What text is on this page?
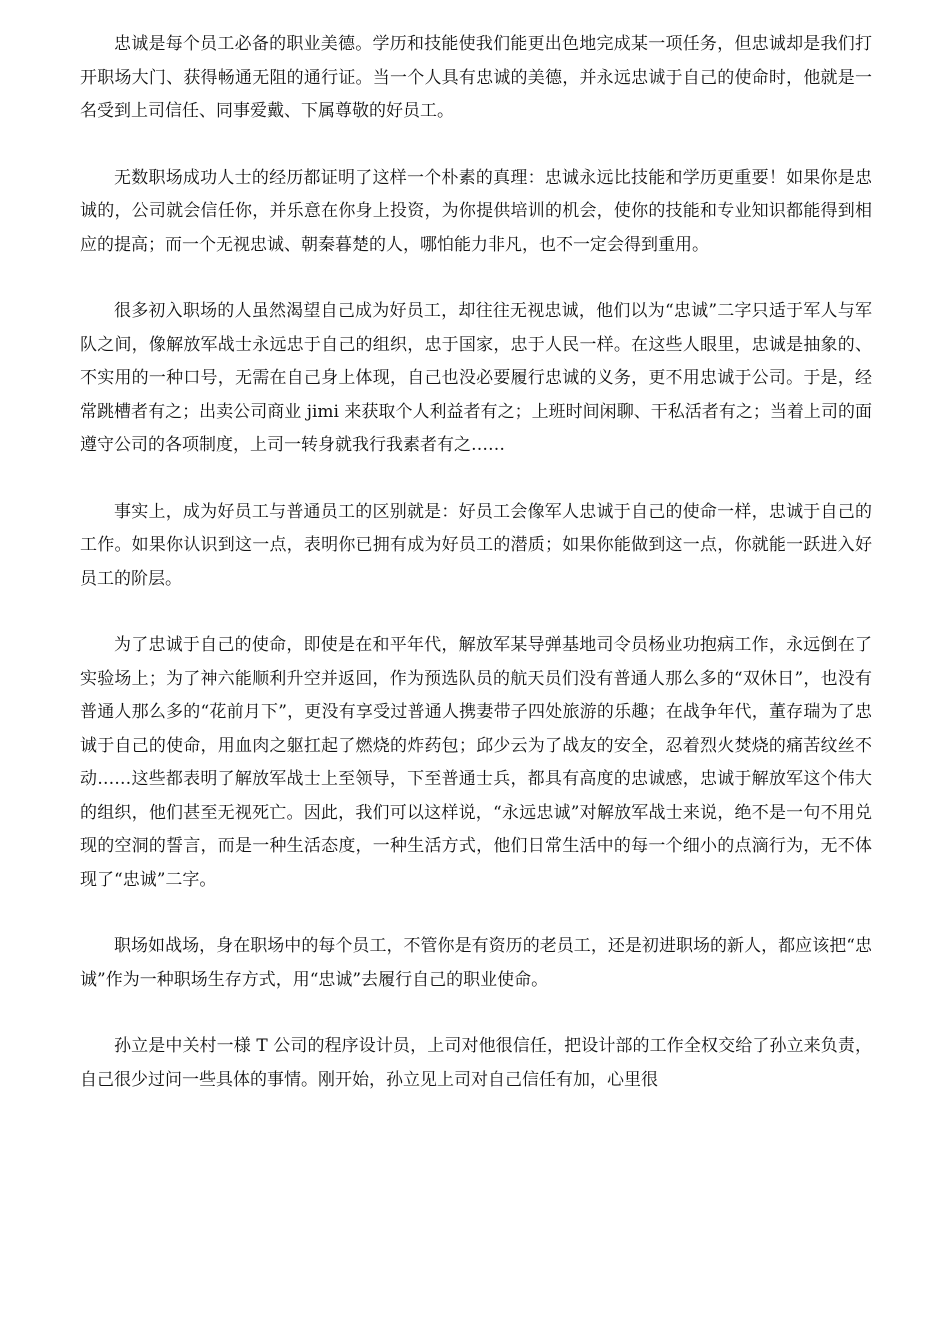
忠诚是每个员工必备的职业美德。学历和技能使我们能更出色地完成某一项任务，但忠诚却是我们打开职场大门、获得畅通无阻的通行证。当一个人具有忠诚的美德，并永远忠诚于自己的使命时，他就是一名受到上司信任、同事爱戴、下属尊敬的好员工。

无数职场成功人士的经历都证明了这样一个朴素的真理：忠诚永远比技能和学历更重要！如果你是忠诚的，公司就会信任你，并乐意在你身上投资，为你提供培训的机会，使你的技能和专业知识都能得到相应的提高；而一个无视忠诚、朝秦暮楚的人，哪怕能力非凡，也不一定会得到重用。

很多初入职场的人虽然渴望自己成为好员工，却往往无视忠诚，他们以为“忠诚”二字只适于军人与军队之间，像解放军战士永远忠于自己的组织，忠于国家，忠于人民一样。在这些人眼里，忠诚是抽象的、不实用的一种口号，无需在自己身上体现，自己也没必要履行忠诚的义务，更不用忠诚于公司。于是，经常跳槽者有之；出卖公司商业 jimi 来获取个人利益者有之；上班时间闲聊、干私活者有之；当着上司的面遵守公司的各项制度，上司一转身就我行我素者有之……

事实上，成为好员工与普通员工的区别就是：好员工会像军人忠诚于自己的使命一样，忠诚于自己的工作。如果你认识到这一点，表明你已拥有成为好员工的潜质；如果你能做到这一点，你就能一跃进入好员工的阶层。

为了忠诚于自己的使命，即使是在和平年代，解放军某导弹基地司令员杨业功抱病工作，永远倒在了实验场上；为了神六能顺利升空并返回，作为预选队员的航天员们没有普通人那么多的“双休日”，也没有普通人那么多的“花前月下”，更没有享受过普通人携妻带子四处旅游的乐趣；在战争年代，董存瑞为了忠诚于自己的使命，用血肉之躯扛起了燃烧的炸药包；邱少云为了战友的安全，忍着烈火焚烧的痛苦纹丝不动……这些都表明了解放军战士上至领导，下至普通士兵，都具有高度的忠诚感，忠诚于解放军这个伟大的组织，他们甚至无视死亡。因此，我们可以这样说，“永远忠诚”对解放军战士来说，绝不是一句不用兑现的空洞的誓言，而是一种生活态度，一种生活方式，他们日常生活中的每一个细小的点滴行为，无不体现了“忠诚”二字。

职场如战场，身在职场中的每个员工，不管你是有资历的老员工，还是初进职场的新人，都应该把“忠诚”作为一种职场生存方式，用“忠诚”去履行自己的职业使命。

孙立是中关村一様 T 公司的程序设计员，上司对他很信任，把设计部的工作全权交给了孙立来负责，自己很少过问一些具体的事情。刚开始，孙立见上司对自己信任有加，心里很
